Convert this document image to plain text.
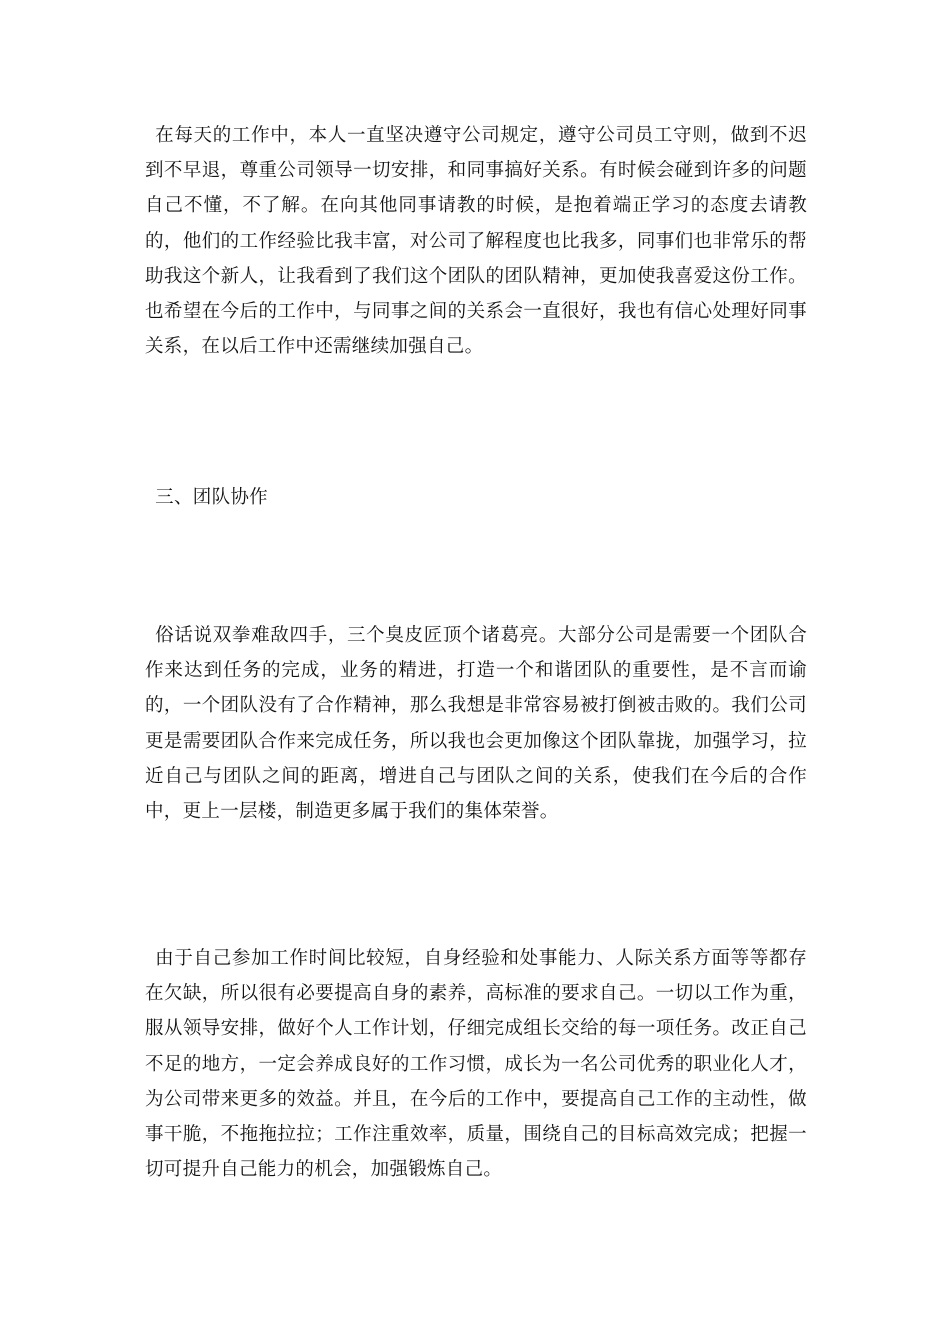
在每天的工作中，本人一直坚决遵守公司规定，遵守公司员工守则，做到不迟到不早退，尊重公司领导一切安排，和同事搞好关系。有时候会碰到许多的问题自己不懂，不了解。在向其他同事请教的时候，是抱着端正学习的态度去请教的，他们的工作经验比我丰富，对公司了解程度也比我多，同事们也非常乐的帮助我这个新人，让我看到了我们这个团队的团队精神，更加使我喜爱这份工作。也希望在今后的工作中，与同事之间的关系会一直很好，我也有信心处理好同事关系，在以后工作中还需继续加强自己。

三、团队协作

俗话说双拳难敌四手，三个臭皮匠顶个诸葛亮。大部分公司是需要一个团队合作来达到任务的完成，业务的精进，打造一个和谐团队的重要性，是不言而谕的，一个团队没有了合作精神，那么我想是非常容易被打倒被击败的。我们公司更是需要团队合作来完成任务，所以我也会更加像这个团队靠拢，加强学习，拉近自己与团队之间的距离，增进自己与团队之间的关系，使我们在今后的合作中，更上一层楼，制造更多属于我们的集体荣誉。

由于自己参加工作时间比较短，自身经验和处事能力、人际关系方面等等都存在欠缺，所以很有必要提高自身的素养，高标准的要求自己。一切以工作为重，服从领导安排，做好个人工作计划，仔细完成组长交给的每一项任务。改正自己不足的地方，一定会养成良好的工作习惯，成长为一名公司优秀的职业化人才，为公司带来更多的效益。并且，在今后的工作中，要提高自己工作的主动性，做事干脆，不拖拖拉拉；工作注重效率，质量，围绕自己的目标高效完成；把握一切可提升自己能力的机会，加强锻炼自己。
